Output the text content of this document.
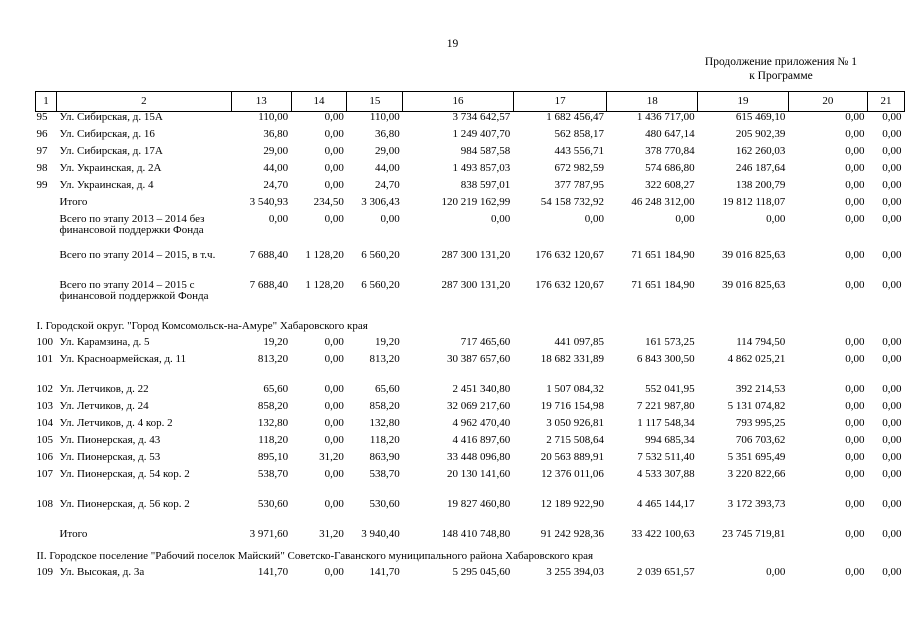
19
Продолжение приложения № 1
к Программе
1	2	13	14	15	16	17	18	19	20	21
95	Ул. Сибирская, д. 15А	110,00	0,00	110,00	3 734 642,57	1 682 456,47	1 436 717,00	615 469,10	0,00	0,00
96	Ул. Сибирская, д. 16	36,80	0,00	36,80	1 249 407,70	562 858,17	480 647,14	205 902,39	0,00	0,00
97	Ул. Сибирская, д. 17А	29,00	0,00	29,00	984 587,58	443 556,71	378 770,84	162 260,03	0,00	0,00
98	Ул. Украинская, д. 2А	44,00	0,00	44,00	1 493 857,03	672 982,59	574 686,80	246 187,64	0,00	0,00
99	Ул. Украинская, д. 4	24,70	0,00	24,70	838 597,01	377 787,95	322 608,27	138 200,79	0,00	0,00
	Итого	3 540,93	234,50	3 306,43	120 219 162,99	54 158 732,92	46 248 312,00	19 812 118,07	0,00	0,00
	Всего по этапу 2013 – 2014 без финансовой поддержки Фонда	0,00	0,00	0,00	0,00	0,00	0,00	0,00	0,00	0,00
	Всего по этапу 2014 – 2015, в т.ч.	7 688,40	1 128,20	6 560,20	287 300 131,20	176 632 120,67	71 651 184,90	39 016 825,63	0,00	0,00
	Всего по этапу 2014 – 2015 с финансовой поддержкой Фонда	7 688,40	1 128,20	6 560,20	287 300 131,20	176 632 120,67	71 651 184,90	39 016 825,63	0,00	0,00
I. Городской округ. "Город Комсомольск-на-Амуре" Хабаровского края										
100	Ул. Карамзина, д. 5	19,20	0,00	19,20	717 465,60	441 097,85	161 573,25	114 794,50	0,00	0,00
101	Ул. Красноармейская, д. 11	813,20	0,00	813,20	30 387 657,60	18 682 331,89	6 843 300,50	4 862 025,21	0,00	0,00
102	Ул. Летчиков, д. 22	65,60	0,00	65,60	2 451 340,80	1 507 084,32	552 041,95	392 214,53	0,00	0,00
103	Ул. Летчиков, д. 24	858,20	0,00	858,20	32 069 217,60	19 716 154,98	7 221 987,80	5 131 074,82	0,00	0,00
104	Ул. Летчиков, д. 4 кор. 2	132,80	0,00	132,80	4 962 470,40	3 050 926,81	1 117 548,34	793 995,25	0,00	0,00
105	Ул. Пионерская, д. 43	118,20	0,00	118,20	4 416 897,60	2 715 508,64	994 685,34	706 703,62	0,00	0,00
106	Ул. Пионерская, д. 53	895,10	31,20	863,90	33 448 096,80	20 563 889,91	7 532 511,40	5 351 695,49	0,00	0,00
107	Ул. Пионерская, д. 54 кор. 2	538,70	0,00	538,70	20 130 141,60	12 376 011,06	4 533 307,88	3 220 822,66	0,00	0,00
108	Ул. Пионерская, д. 56 кор. 2	530,60	0,00	530,60	19 827 460,80	12 189 922,90	4 465 144,17	3 172 393,73	0,00	0,00
	Итого	3 971,60	31,20	3 940,40	148 410 748,80	91 242 928,36	33 422 100,63	23 745 719,81	0,00	0,00
II. Городское поселение "Рабочий поселок Майский" Советско-Гаванского муниципального района Хабаровского края										
109	Ул. Высокая, д. 3а	141,70	0,00	141,70	5 295 045,60	3 255 394,03	2 039 651,57	0,00	0,00	0,00
